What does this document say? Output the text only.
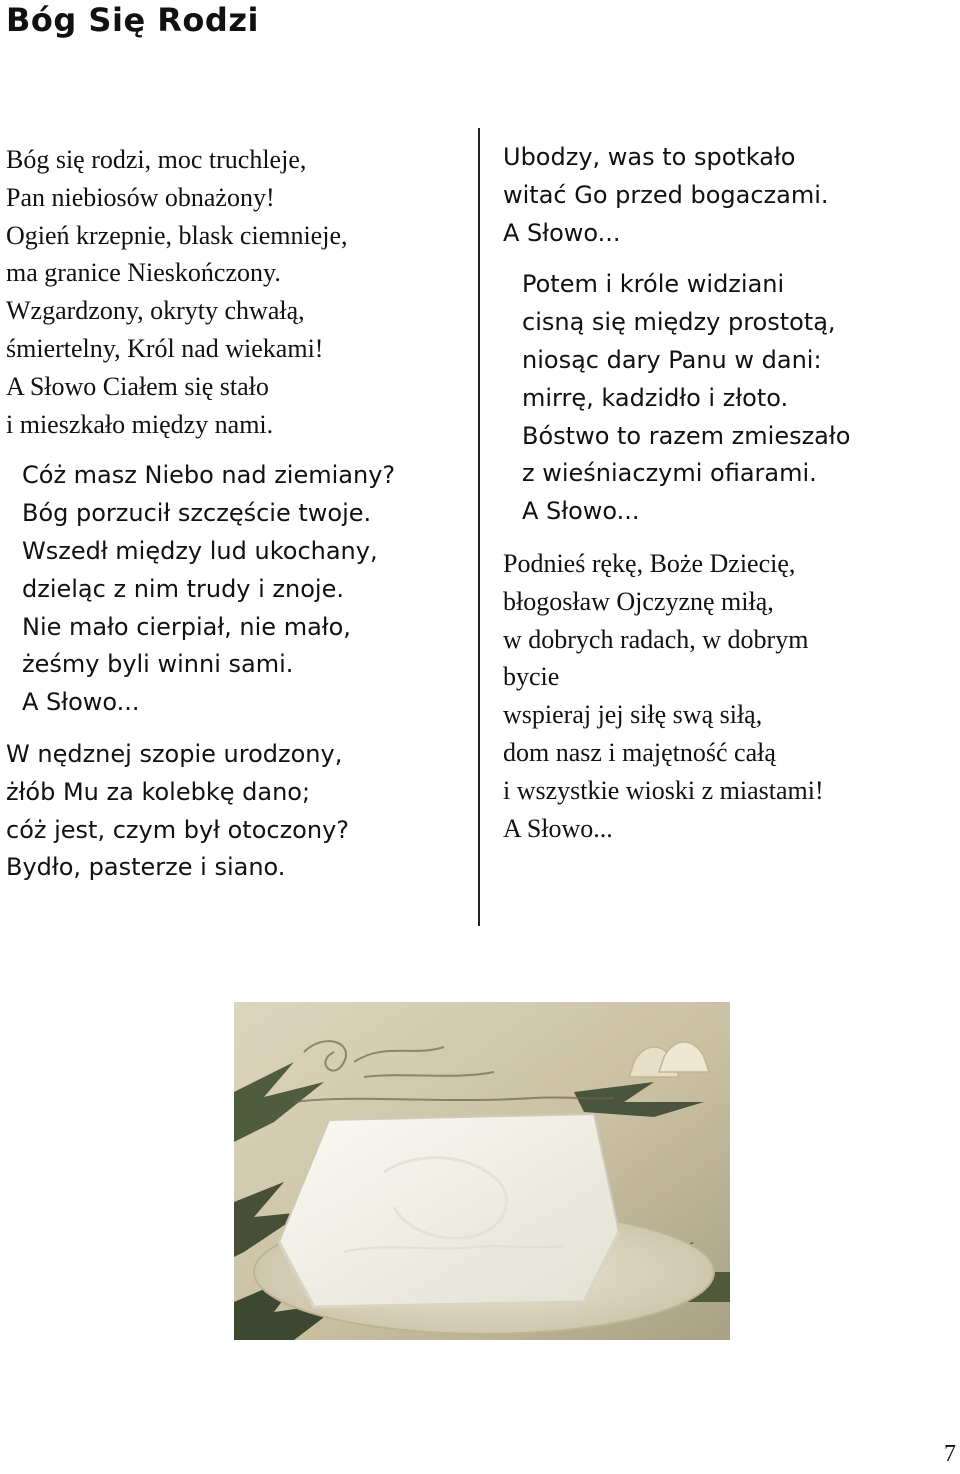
Bóg Się Rodzi
Bóg się rodzi, moc truchleje,
Pan niebiosów obnażony!
Ogień krzepnie, blask ciemnieje,
ma granice Nieskończony.
Wzgardzony, okryty chwałą,
śmiertelny, Król nad wiekami!
A Słowo Ciałem się stało
i mieszkało między nami.
Cóż masz Niebo nad ziemiany?
Bóg porzucił szczęście twoje.
Wszedł między lud ukochany,
dzieląc z nim trudy i znoje.
Nie mało cierpiał, nie mało,
żeśmy byli winni sami.
A Słowo...
W nędznej szopie urodzony,
żłób Mu za kolebkę dano;
cóż jest, czym był otoczony?
Bydło, pasterze i siano.
Ubodzy, was to spotkało
witać Go przed bogaczami.
A Słowo...
Potem i króle widziani
cisną się między prostotą,
niosąc dary Panu w dani:
mirrę, kadzidło i złoto.
Bóstwo to razem zmieszało
z wieśniaczymi ofiarami.
A Słowo...
Podnieś rękę, Boże Dziecię,
błogosław Ojczyznę miłą,
w dobrych radach, w dobrym
bycie
wspieraj jej siłę swą siłą,
dom nasz i majętność całą
i wszystkie wioski z miastami!
A Słowo...
7
